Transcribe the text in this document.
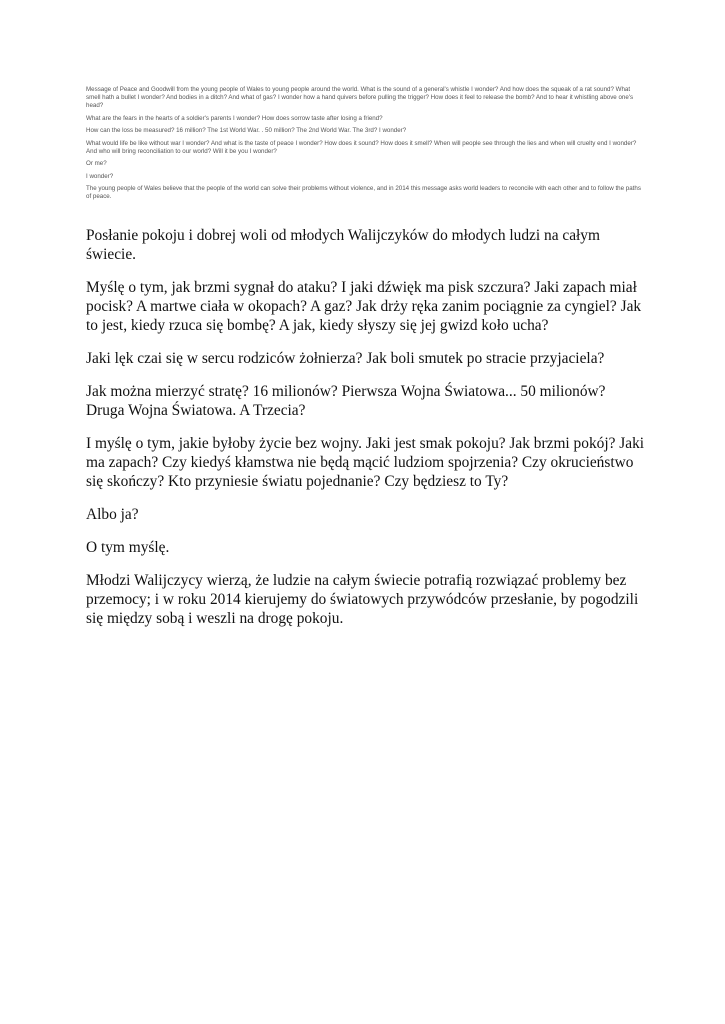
Message of Peace and Goodwill from the young people of Wales to young people around the world. What is the sound of a general's whistle I wonder? And how does the squeak of a rat sound? What smell hath a bullet I wonder? And bodies in a ditch? And what of gas? I wonder how a hand quivers before pulling the trigger? How does it feel to release the bomb? And to hear it whistling above one's head?

What are the fears in the hearts of a soldier's parents I wonder? How does sorrow taste after losing a friend?

How can the loss be measured? 16 million? The 1st World War. . 50 million? The 2nd World War. The 3rd? I wonder?

What would life be like without war I wonder? And what is the taste of peace I wonder? How does it sound? How does it smell? When will people see through the lies and when will cruelty end I wonder? And who will bring reconciliation to our world? Will it be you I wonder?

Or me?

I wonder?

The young people of Wales believe that the people of the world can solve their problems without violence, and in 2014 this message asks world leaders to reconcile with each other and to follow the paths of peace.

Posłanie pokoju i dobrej woli od młodych Walijczyków do młodych ludzi na całym świecie.

Myślę o tym, jak brzmi sygnał do ataku? I jaki dźwięk ma pisk szczura? Jaki zapach miał pocisk? A martwe ciała w okopach? A gaz? Jak drży ręka zanim pociągnie za cyngiel? Jak to jest, kiedy rzuca się bombę? A jak, kiedy słyszy się jej gwizd koło ucha?

Jaki lęk czai się w sercu rodziców żołnierza? Jak boli smutek po stracie przyjaciela?

Jak można mierzyć stratę? 16 milionów? Pierwsza Wojna Światowa... 50 milionów? Druga Wojna Światowa. A Trzecia?

I myślę o tym, jakie byłoby życie bez wojny. Jaki jest smak pokoju? Jak brzmi pokój? Jaki ma zapach? Czy kiedyś kłamstwa nie będą mącić ludziom spojrzenia? Czy okrucieństwo się skończy? Kto przyniesie światu pojednanie? Czy będziesz to Ty?

Albo ja?

O tym myślę.

Młodzi Walijczycy wierzą, że ludzie na całym świecie potrafią rozwiązać problemy bez przemocy; i w roku 2014 kierujemy do światowych przywódców przesłanie, by pogodzili się między sobą i weszli na drogę pokoju.
